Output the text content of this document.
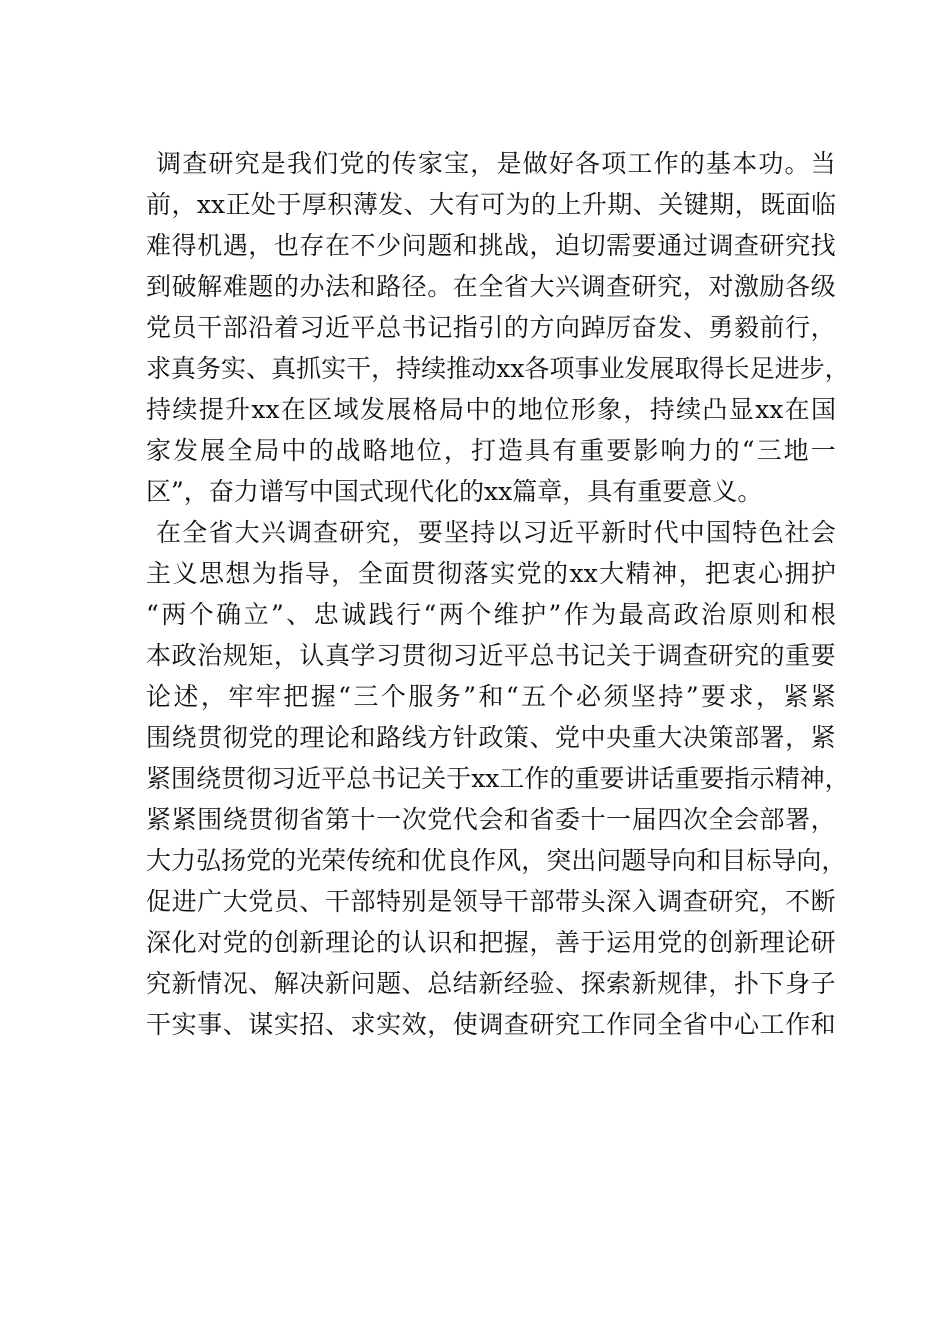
调 查 研 究 是 我 们 党 的 传 家 宝 ， 是 做 好 各 项 工 作 的 基 本 功 。 当
前 ， xx 正 处 于 厚 积 薄 发 、 大 有 可 为 的 上 升 期 、 关 键 期 ， 既 面 临
难 得 机 遇 ， 也 存 在 不 少 问 题 和 挑 战 ， 迫 切 需 要 通 过 调 查 研 究 找
到 破 解 难 题 的 办 法 和 路 径 。 在 全 省 大 兴 调 查 研 究 ， 对 激 励 各 级
党 员 干 部 沿 着 习 近 平 总 书 记 指 引 的 方 向 踔 厉 奋 发 、 勇 毅 前 行 ，
求 真 务 实 、 真 抓 实 干 ， 持 续 推 动 xx 各 项 事 业 发 展 取 得 长 足 进 步 ，
持 续 提 升 xx 在 区 域 发 展 格 局 中 的 地 位 形 象 ， 持 续 凸 显 xx 在 国
家 发 展 全 局 中 的 战 略 地 位 ， 打 造 具 有 重 要 影 响 力 的 “ 三 地 一
区 ” ， 奋 力 谱 写 中 国 式 现 代 化 的 xx 篇 章 ， 具 有 重 要 意 义 。
在 全 省 大 兴 调 查 研 究 ， 要 坚 持 以 习 近 平 新 时 代 中 国 特 色 社 会
主 义 思 想 为 指 导 ， 全 面 贯 彻 落 实 党 的 xx 大 精 神 ， 把 衷 心 拥 护
“ 两 个 确 立 ” 、 忠 诚 践 行 “ 两 个 维 护 ” 作 为 最 高 政 治 原 则 和 根
本 政 治 规 矩 ， 认 真 学 习 贯 彻 习 近 平 总 书 记 关 于 调 查 研 究 的 重 要
论 述 ， 牢 牢 把 握 “ 三 个 服 务 ” 和 “ 五 个 必 须 坚 持 ” 要 求 ， 紧 紧
围 绕 贯 彻 党 的 理 论 和 路 线 方 针 政 策 、 党 中 央 重 大 决 策 部 署 ， 紧
紧 围 绕 贯 彻 习 近 平 总 书 记 关 于 xx 工 作 的 重 要 讲 话 重 要 指 示 精 神 ，
紧 紧 围 绕 贯 彻 省 第 十 一 次 党 代 会 和 省 委 十 一 届 四 次 全 会 部 署 ，
大 力 弘 扬 党 的 光 荣 传 统 和 优 良 作 风 ， 突 出 问 题 导 向 和 目 标 导 向 ，
促 进 广 大 党 员 、 干 部 特 别 是 领 导 干 部 带 头 深 入 调 查 研 究 ， 不 断
深 化 对 党 的 创 新 理 论 的 认 识 和 把 握 ， 善 于 运 用 党 的 创 新 理 论 研
究 新 情 况 、 解 决 新 问 题 、 总 结 新 经 验 、 探 索 新 规 律 ， 扑 下 身 子
干 实 事 、 谋 实 招 、 求 实 效 ， 使 调 查 研 究 工 作 同 全 省 中 心 工 作 和
